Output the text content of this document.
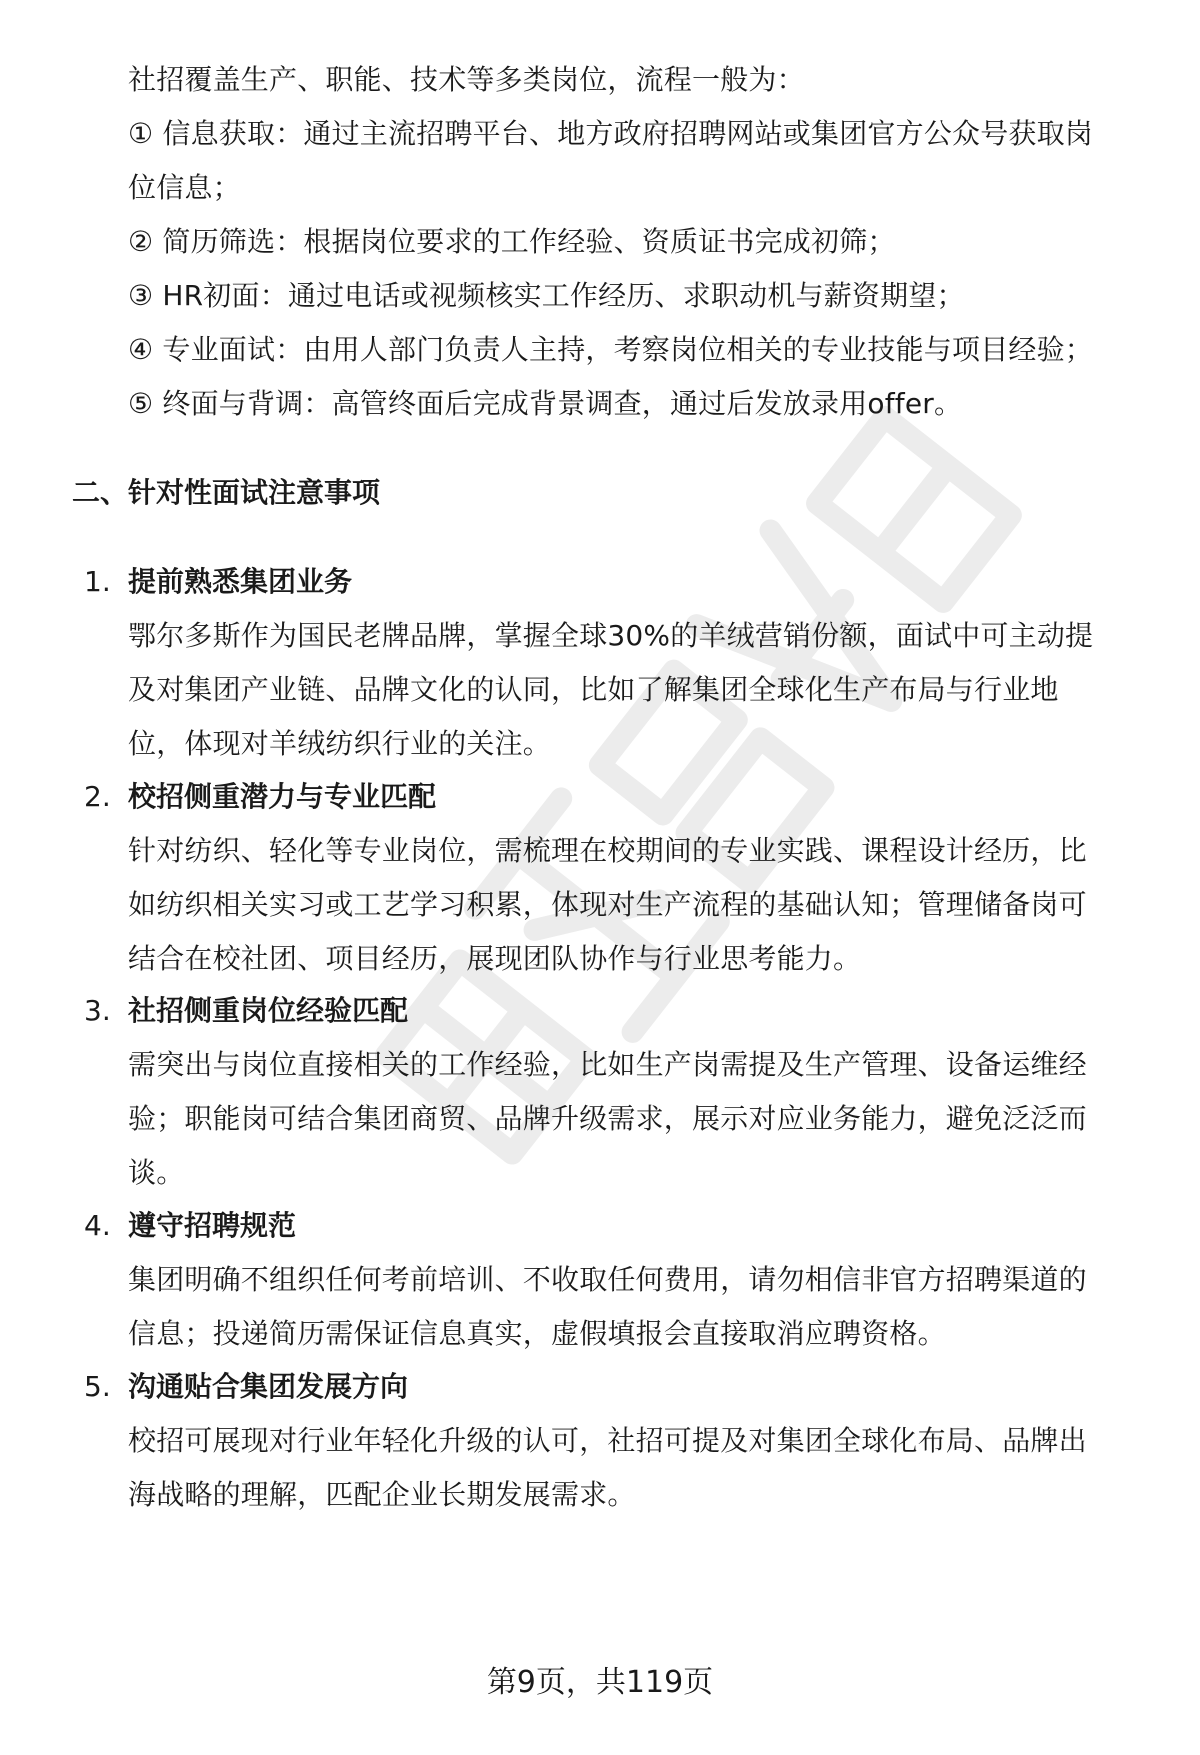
社招覆盖生产、职能、技术等多类岗位，流程一般为：
① 信息获取：通过主流招聘平台、地方政府招聘网站或集团官方公众号获取岗
位信息；
② 简历筛选：根据岗位要求的工作经验、资质证书完成初筛；
③ HR初面：通过电话或视频核实工作经历、求职动机与薪资期望；
④ 专业面试：由用人部门负责人主持，考察岗位相关的专业技能与项目经验；
⑤ 终面与背调：高管终面后完成背景调查，通过后发放录用offer。
二、针对性面试注意事项
1. 提前熟悉集团业务
鄂尔多斯作为国民老牌品牌，掌握全球30%的羊绒营销份额，面试中可主动提
及对集团产业链、品牌文化的认同，比如了解集团全球化生产布局与行业地
位，体现对羊绒纺织行业的关注。
2. 校招侧重潜力与专业匹配
针对纺织、轻化等专业岗位，需梳理在校期间的专业实践、课程设计经历，比
如纺织相关实习或工艺学习积累，体现对生产流程的基础认知；管理储备岗可
结合在校社团、项目经历，展现团队协作与行业思考能力。
3. 社招侧重岗位经验匹配
需突出与岗位直接相关的工作经验，比如生产岗需提及生产管理、设备运维经
验；职能岗可结合集团商贸、品牌升级需求，展示对应业务能力，避免泛泛而
谈。
4. 遵守招聘规范
集团明确不组织任何考前培训、不收取任何费用，请勿相信非官方招聘渠道的
信息；投递简历需保证信息真实，虚假填报会直接取消应聘资格。
5. 沟通贴合集团发展方向
校招可展现对行业年轻化升级的认可，社招可提及对集团全球化布局、品牌出
海战略的理解，匹配企业长期发展需求。
第9页，共119页
